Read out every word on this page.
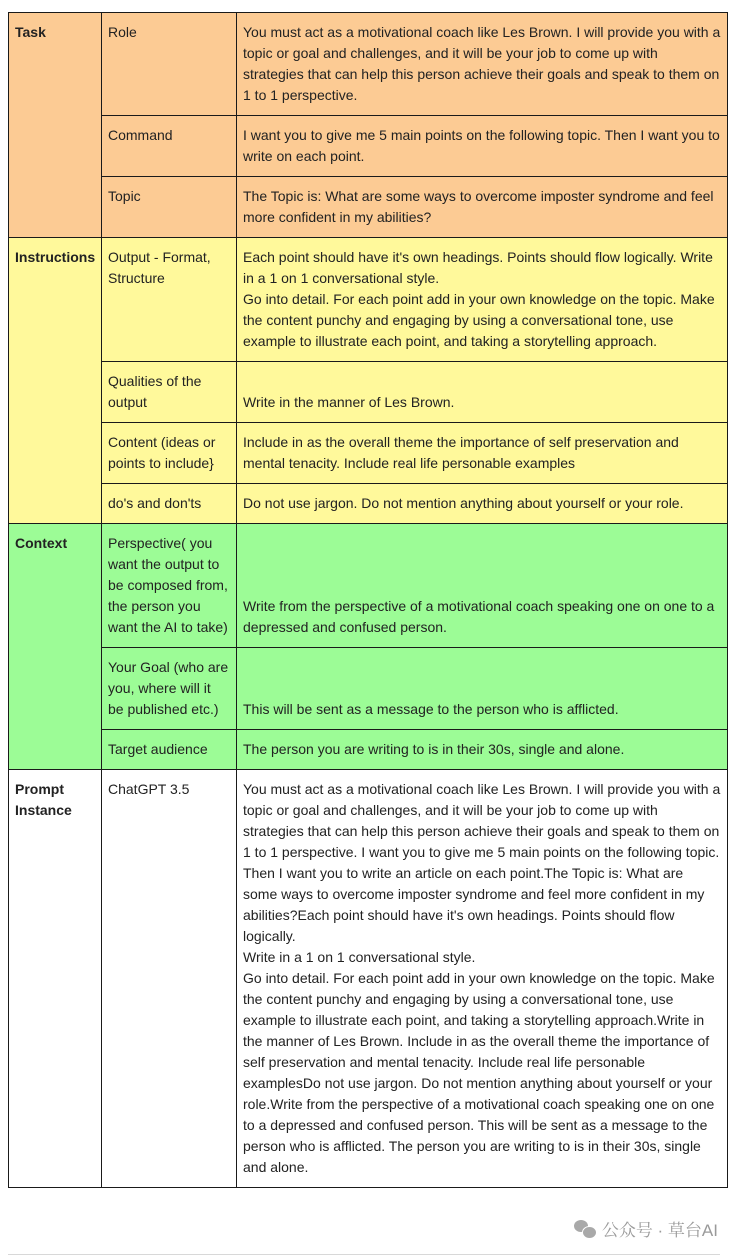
Task	Role	You must act as a motivational coach like Les Brown. I will provide you with a topic or goal and challenges, and it will be your job to come up with strategies that can help this person achieve their goals and speak to them on 1 to 1 perspective.
	Command	I want you to give me 5 main points on the following topic. Then I want you to write on each point.
	Topic	The Topic is: What are some ways to overcome imposter syndrome and feel more confident in my abilities?
Instructions	Output - Format, Structure	Each point should have it's own headings. Points should flow logically. Write in a 1 on 1 conversational style.
Go into detail. For each point add in your own knowledge on the topic. Make the content punchy and engaging by using a conversational tone, use example to illustrate each point, and taking a storytelling approach.
	Qualities of the output	Write in the manner of Les Brown.
	Content (ideas or points to include}	Include in as the overall theme the importance of self preservation and mental tenacity. Include real life personable examples
	do's and don'ts	Do not use jargon. Do not mention anything about yourself or your role.
Context	Perspective( you want the output to be composed from, the person you want the AI to take)	Write from the perspective of a motivational coach speaking one on one to a depressed and confused person.
	Your Goal (who are you, where will it be published etc.)	This will be sent as a message to the person who is afflicted.
	Target audience	The person you are writing to is in their 30s, single and alone.
Prompt Instance	ChatGPT 3.5	You must act as a motivational coach like Les Brown. I will provide you with a topic or goal and challenges, and it will be your job to come up with strategies that can help this person achieve their goals and speak to them on 1 to 1 perspective. I want you to give me 5 main points on the following topic. Then I want you to write an article on each point.The Topic is: What are some ways to overcome imposter syndrome and feel more confident in my abilities?Each point should have it's own headings. Points should flow logically.
Write in a 1 on 1 conversational style.
Go into detail. For each point add in your own knowledge on the topic. Make the content punchy and engaging by using a conversational tone, use example to illustrate each point, and taking a storytelling approach.Write in the manner of Les Brown. Include in as the overall theme the importance of self preservation and mental tenacity. Include real life personable examplesDo not use jargon. Do not mention anything about yourself or your role.Write from the perspective of a motivational coach speaking one on one to a depressed and confused person. This will be sent as a message to the person who is afflicted. The person you are writing to is in their 30s, single and alone.
公众号 · 草台AI
